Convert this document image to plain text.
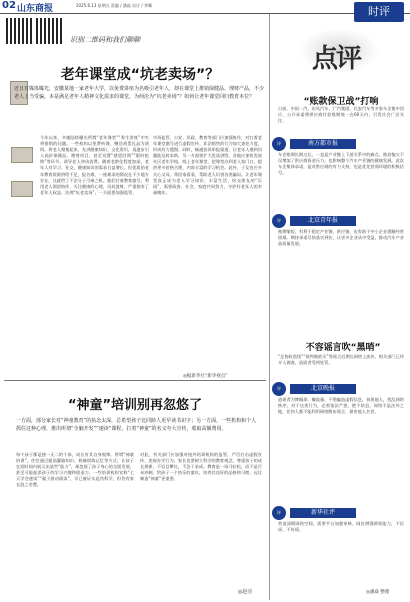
02 山东商报	2025.6.13 星期五 责编 / 潘焱 设计 / 李娜	时评
识别二维码和我们聊聊
老年课堂成“坑老卖场”？
近日有媒体曝光，安徽某地一家老年大学，以免费讲座为名吸引老年人，却在课堂上推销保健品、理财产品，不少老人上当受骗。本是满足老年人精神文化需求的课堂，为何沦为“坑老卖场”？如何让老年课堂回归教育本位？
今年以来，多地陆续曝光所谓“老年课堂”“养生讲座”中夹带推销的问题。一些机构以免费听课、赠送鸡蛋礼品为诱饵，将老人聚集起来，先讲健康知识、文化常识，再逐步引入高价保健品、理财项目，甚至设置“感恩回馈”“限时抢购”等环节，诱导老人冲动消费。随着老龄化程度加深，老年人对学习、社交、健康知识的需求日益增长。但优质的老年教育资源供给不足，报名难、一座难求的情况在不少地方存在，这就给了不法分子可乘之机。他们打着教育旗号，利用老人渴望陪伴、关注健康的心理，设局敛财，严重损害了老年人权益。治理“坑老卖场”，一方面要加强监管。
市场监管、公安、民政、教育等部门应加强协作，对打着老年课堂旗号进行虚假宣传、非法销售的行为加大查处力度，形成有力震慑。同时，畅通投诉举报渠道，让老年人遇到问题能及时求助。另一方面要扩大优质供给。各地应加快发展社区老年学校、线上老年课堂，把课堂办到老人家门口，提供更多价格合理、内容丰富的学习机会。此外，子女也应多关心父母，常回家看看，帮助老人识别各类骗局。让老年课堂真正成为老人学习知识、丰富生活、结交朋友的“乐园”，需要政府、社会、家庭共同努力，守护好老年人的幸福晚年。
◎据新华社“新华视点”
“神童”培训别再忽悠了
一方面，部分家长对“神童教育”的执念太深，总希望孩子比同龄人更早读书识字；另一方面，一些机构和个人抓住这种心理，推出所谓“全脑开发”“速读”课程，打着“神童”的名义夸大宣传，收取高额费用。
每个孩子都是独一无二的个体，成长有其自身规律。所谓“神童培训”，往往通过超前灌输知识、机械训练记忆等方式，让孩子在短时间内展示出某些“能力”，却忽视了孩子身心的全面发展，甚至可能扼杀孩子的学习兴趣和创造力。一些培训机构宣称“七天学会速读”“量子波动阅读”，早已被证实是伪科学，但仍有家长趋之若鹜。
对此，有关部门应加强对校外培训机构的监管，严厉打击虚假宣传、违规办学行为。家长也要树立科学的教育观念，尊重孩子的成长规律，不盲目攀比，不急于求成。教育是一场马拉松，而不是百米冲刺。给孩子一个快乐的童年，培养其良好的品格和习惯，远比制造“神童”更重要。
◎赵亮
点评
“账款保卫战”打响
日前，中国一汽、东风汽车、广汽集团、长安汽车等多家车企集中回应，公开承诺将供应商付款账期统一在60天内，引发社会广泛关注。
评	南方都市报
车企账期长期过长，一直是产业链上下游关系中的痛点。账款拖欠不仅增加了供应商资金压力，也影响整个汽车产业链的健康发展。此次车企集体承诺，是对供应商的有力支持，也是优化营商环境的积极信号。
评	北京青年报
账期缩短，有利于稳定产业链、供应链，也有助于中小企业缓解经营困难。期待承诺尽快落实到位，让更多企业从中受益，推动汽车产业高质量发展。
不容谣言吹“黑哨”
“足协收黑钱”“裁判被收买”等谣言近期在网络上流传，相关部门已经介入调查，造谣者受到处罚。
评	北京晚报
造谣者为博眼球、赚流量，不惜编造虚假信息，抹黑他人，扰乱网络秩序。对于这类行为，必须依法严惩，绝不姑息。网络不是法外之地，任何人都不能利用网络散布谣言，损害他人名誉。
评	新华社评
营造清朗网络空间，需要平台加强审核，网民增强辨别能力，不信谣、不传谣。
◎潘焱 整理
